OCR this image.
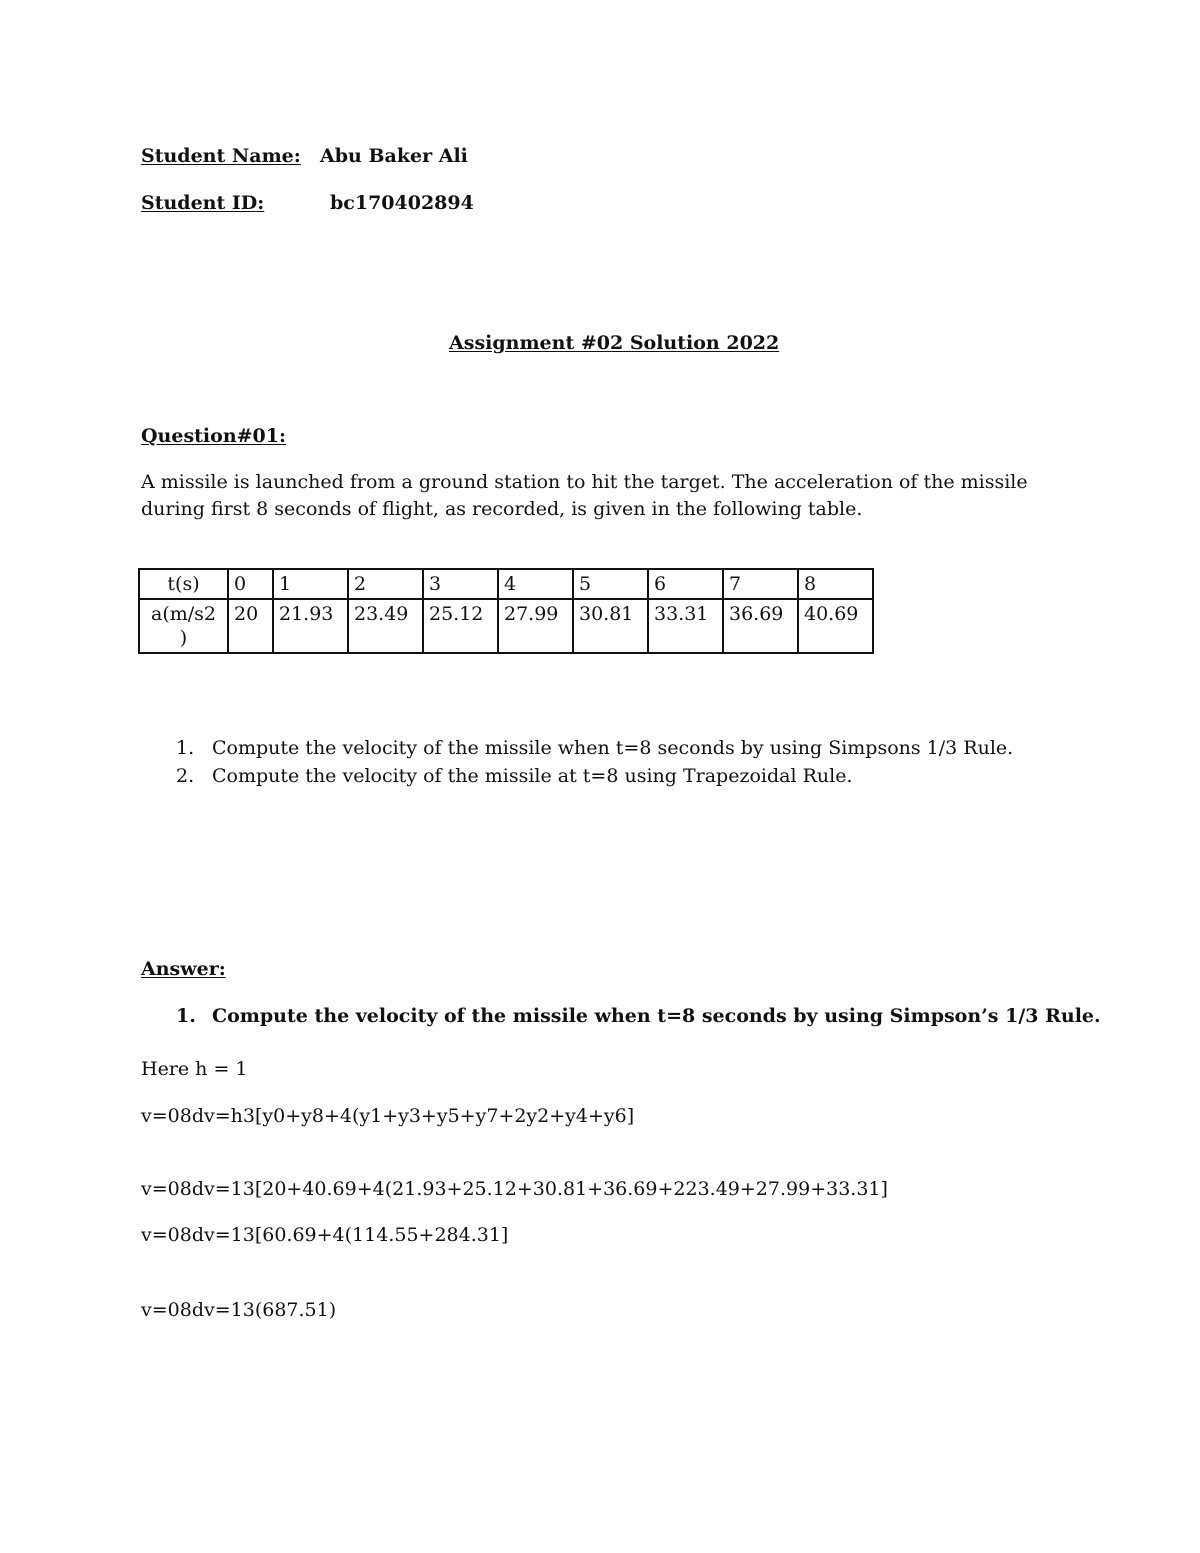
Student Name: Abu Baker Ali
Student ID:	bc170402894
Assignment #02 Solution 2022
Question#01:
A missile is launched from a ground station to hit the target. The acceleration of the missile
during first 8 seconds of flight, as recorded, is given in the following table.
t(s)	0	1	2	3	4	5	6	7	8

a(m/s2
)	20	21.93	23.49	25.12	27.99	30.81	33.31	36.69	40.69
1. Compute the velocity of the missile when t=8 seconds by using Simpsons 1/3 Rule.
2. Compute the velocity of the missile at t=8 using Trapezoidal Rule.
Answer:
1. Compute the velocity of the missile when t=8 seconds by using Simpson’s 1/3 Rule.
Here h = 1
v=08dv=h3[y0+y8+4(y1+y3+y5+y7+2y2+y4+y6]
v=08dv=13[20+40.69+4(21.93+25.12+30.81+36.69+223.49+27.99+33.31]
v=08dv=13[60.69+4(114.55+284.31]
v=08dv=13(687.51)
